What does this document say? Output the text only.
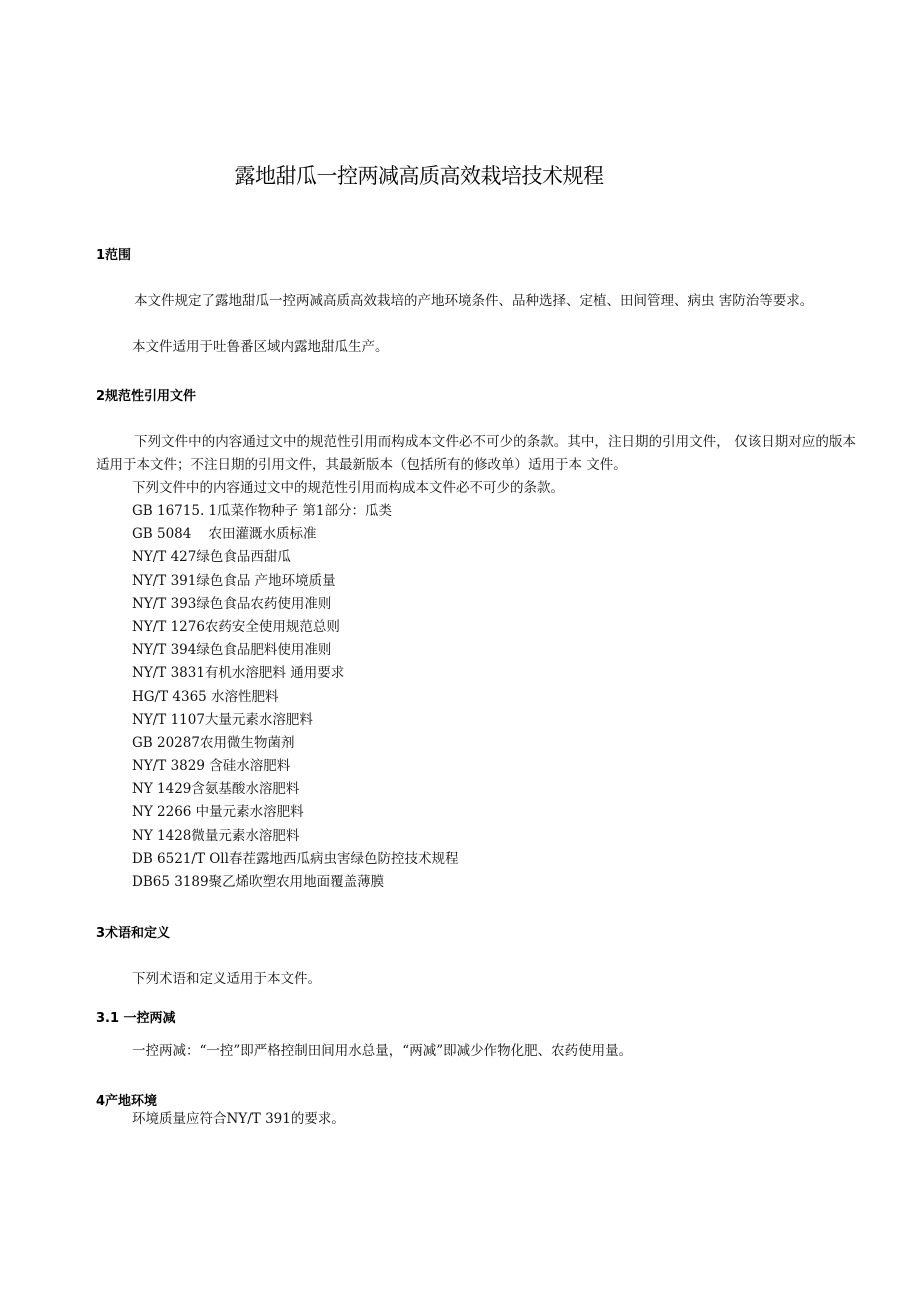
露地甜瓜一控两减高质高效栽培技术规程
1范围
本文件规定了露地甜瓜一控两减高质高效栽培的产地环境条件、品种选择、定植、田间管理、病虫 害防治等要求。
本文件适用于吐鲁番区域内露地甜瓜生产。
2规范性引用文件
下列文件中的内容通过文中的规范性引用而构成本文件必不可少的条款。其中，注日期的引用文件， 仅该日期对应的版本适用于本文件；不注日期的引用文件，其最新版本（包括所有的修改单）适用于本 文件。
下列文件中的内容通过文中的规范性引用而构成本文件必不可少的条款。
GB 16715. 1瓜菜作物种子 第1部分：瓜类
GB 5084    农田灌溉水质标准
NY/T 427绿色食品西甜瓜
NY/T 391绿色食品 产地环境质量
NY/T 393绿色食品农药使用准则
NY/T 1276农药安全使用规范总则
NY/T 394绿色食品肥料使用准则
NY/T 3831有机水溶肥料 通用要求
HG/T 4365 水溶性肥料
NY/T 1107大量元素水溶肥料
GB 20287农用微生物菌剂
NY/T 3829 含硅水溶肥料
NY 1429含氨基酸水溶肥料
NY 2266 中量元素水溶肥料
NY 1428微量元素水溶肥料
DB 6521/T Oll春茬露地西瓜病虫害绿色防控技术规程
DB65 3189聚乙烯吹塑农用地面覆盖薄膜
3术语和定义
下列术语和定义适用于本文件。
3.1 一控两减
一控两减：“一控”即严格控制田间用水总量，“两减”即减少作物化肥、农药使用量。
4产地环境
环境质量应符合NY/T 391的要求。
